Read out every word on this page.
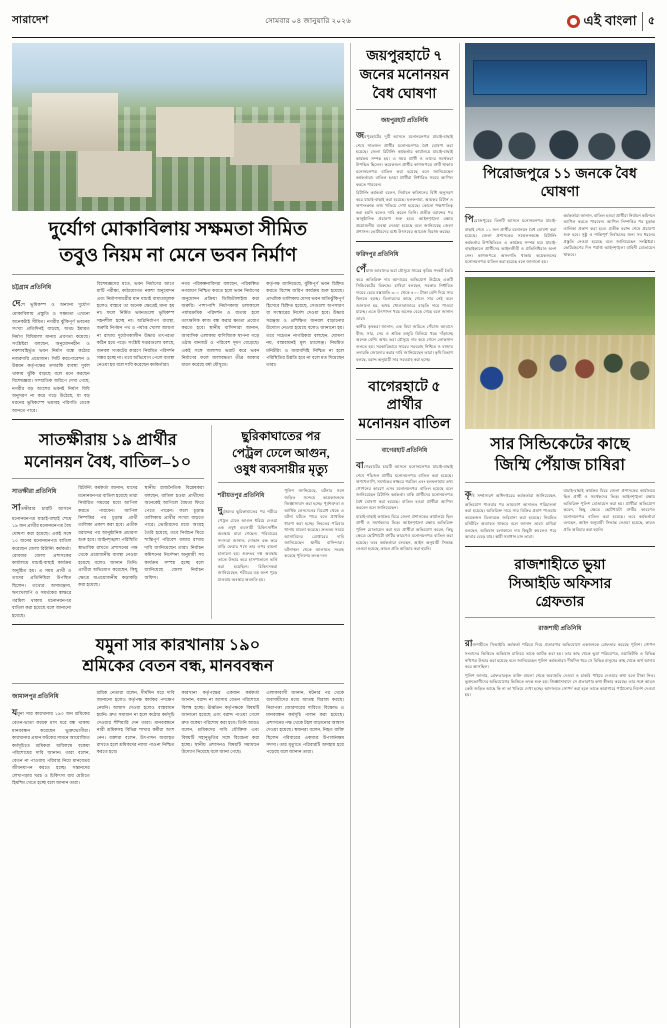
সারাদেশ	সোমবার ০৪ জানুয়ারি ২০২৬	এই বাংলা	৫
দুর্যোগ মোকাবিলায় সক্ষমতা সীমিত
তবুও নিয়ম না মেনে ভবন নির্মাণ
চট্টগ্রাম প্রতিনিধি
দেশে ভূমিকম্প ও অন্যান্য দুর্যোগ মোকাবিলায় প্রস্তুতি ও সক্ষমতা এখনো অনেকটাই সীমিত। নগরীর ঝুঁকিপূর্ণ ভবনের সংখ্যা প্রতিদিনই বাড়ছে, অথচ ইমারত নির্মাণ বিধিমালা মানার প্রবণতা কমেছে। সংশ্লিষ্টরা বলছেন, অনুমোদনহীন ও নকশাবহির্ভূত ভবন নির্মাণ বন্ধে কঠোর নজরদারি প্রয়োজন। সিটি করপোরেশন ও উন্নয়ন কর্তৃপক্ষের তদারকি ব্যবস্থা দুর্বল থাকায় ঝুঁকি বাড়ছে বলে মনে করছেন বিশেষজ্ঞরা। সাম্প্রতিক জরিপে দেখা গেছে, নগরীর বড় অংশের ভবনই নির্মাণ বিধি অনুসরণ না করে গড়ে উঠেছে, যা বড় ধরনের ভূমিকম্পে ভয়াবহ পরিণতি ডেকে আনতে পারে।
বিশেষজ্ঞদের মতে, ভবন নির্মাণের আগে মাটি পরীক্ষা, কাঠামোগত নকশা অনুমোদন এবং নির্মাণসামগ্রীর মান যাচাই বাধ্যতামূলক হলেও বাস্তবে তা অনেক ক্ষেত্রেই মানা হয় না। ফলে নির্মিত ভবনগুলো ভূমিকম্প সহনশীল হচ্ছে না। অগ্নিনির্বাপণ ব্যবস্থা, জরুরি নির্গমন পথ ও পর্যাপ্ত খোলা জায়গা না রাখায় দুর্যোগকালীন উদ্ধার তৎপরতা কঠিন হয়ে পড়ে। সংশ্লিষ্ট দপ্তরগুলো বলছে, জনবল সংকটের কারণে নিয়মিত পরিদর্শন সম্ভব হচ্ছে না। তবে অভিযোগ পেলে ব্যবস্থা নেওয়া হয় বলে দাবি করেছেন কর্মকর্তারা।
নগর পরিকল্পনাবিদরা বলছেন, পরিকল্পিত নগরায়ণ নিশ্চিত করতে হলে ভবন নির্মাণের অনুমোদন প্রক্রিয়া ডিজিটালাইজ করা জরুরি। পাশাপাশি নির্মাণকাজ চলাকালে পর্যায়ক্রমিক পরিদর্শন ও ব্যত্যয় হলে তাৎক্ষণিক কাজ বন্ধ করার ক্ষমতা প্রয়োগ করতে হবে। স্থানীয় বাসিন্দারা জানান, আবাসিক এলাকায় বাণিজ্যিক স্থাপনা গড়ে ওঠায় যানজট ও পরিবেশ দূষণ বেড়েছে। একই সঙ্গে জলাশয় ভরাট করে ভবন নির্মাণের ফলে জলাবদ্ধতা তীব্র আকার ধারণ করেছে বর্ষা মৌসুমে।
কর্তৃপক্ষ জানিয়েছে, ঝুঁকিপূর্ণ ভবন চিহ্নিত করতে বিশেষ জরিপ কার্যক্রম শুরু হয়েছে। প্রাথমিক তালিকায় যেসব ভবন অতিঝুঁকিপূর্ণ হিসেবে চিহ্নিত হয়েছে, সেগুলো অপসারণ বা সংস্কারের নির্দেশ দেওয়া হবে। উদ্ধার সরঞ্জাম ও প্রশিক্ষিত জনবল বাড়ানোর উদ্যোগ নেওয়া হয়েছে বলেও জানানো হয়। তবে সচেতন নাগরিকরা বলছেন, ঘোষণা নয়, বাস্তবায়নই মূল চ্যালেঞ্জ। নিয়মিত মনিটরিং ও জবাবদিহি নিশ্চিত না হলে পরিস্থিতির উন্নতি হবে না বলে মত দিয়েছেন তারা।
সাতক্ষীরায় ১৯ প্রার্থীর
মনোনয়ন বৈধ, বাতিল–১০
সাতক্ষীরা প্রতিনিধি
সাতক্ষীরার চারটি আসনে মনোনয়নপত্র যাচাই-বাছাই শেষে ১৯ জন প্রার্থীর মনোনয়নপত্র বৈধ ঘোষণা করা হয়েছে। একই সঙ্গে ১০ জনের মনোনয়নপত্র বাতিল করেছেন জেলা রিটার্নিং কর্মকর্তা। রোববার জেলা প্রশাসকের কার্যালয়ে যাচাই-বাছাই কার্যক্রম অনুষ্ঠিত হয়। এ সময় প্রার্থী ও তাদের প্রতিনিধিরা উপস্থিত ছিলেন। তথ্যের অসামঞ্জস্য, ঋণখেলাপি ও সমর্থকের স্বাক্ষরে গরমিল থাকায় মনোনয়নপত্র বাতিল করা হয়েছে বলে জানানো হয়েছে।
রিটার্নিং কর্মকর্তা জানান, যাদের মনোনয়নপত্র বাতিল হয়েছে তারা নির্ধারিত সময়ের মধ্যে আপিল করতে পারবেন। আপিল নিষ্পত্তির পর চূড়ান্ত প্রার্থী তালিকা প্রকাশ করা হবে। প্রতীক বরাদ্দের পর আনুষ্ঠানিক প্রচারণা শুরু হবে। আইনশৃঙ্খলা পরিস্থিতি স্বাভাবিক রাখতে প্রশাসনের পক্ষ থেকে প্রয়োজনীয় ব্যবস্থা নেওয়া হয়েছে বলেও জানান তিনি। প্রার্থীরা অভিযোগ করেছেন, কিছু ক্ষেত্রে অপ্রয়োজনীয় কড়াকড়ি করা হয়েছে।
স্থানীয় রাজনৈতিক বিশ্লেষকরা বলছেন, বাতিল হওয়া প্রার্থীদের অনেকেই আপিলে বৈধতা ফিরে পেতে পারেন। ফলে চূড়ান্ত তালিকায় প্রার্থীর সংখ্যা বাড়তে পারে। ভোটারদের মধ্যে আগ্রহ তৈরি হয়েছে, তবে নির্বাচন ঘিরে শান্তিপূর্ণ পরিবেশ বজায় রাখার দাবি জানিয়েছেন তারা। নির্বাচন কমিশনের নির্দেশনা অনুযায়ী সব কার্যক্রম সম্পন্ন হচ্ছে বলে জানিয়েছে জেলা নির্বাচন অফিস।
ছুরিকাঘাতের পর
পেট্রল ঢেলে আগুন,
ওষুধ ব্যবসায়ীর মৃত্যু
শরীয়তপুর প্রতিনিধি
দুর্বৃত্তদের ছুরিকাঘাতের পর শরীরে পেট্রল ঢেলে আগুন ধরিয়ে দেওয়া এক ওষুধ ব্যবসায়ী চিকিৎসাধীন অবস্থায় মারা গেছেন। পরিবারের সদস্যরা জানান, দোকান বন্ধ করে বাড়ি ফেরার পথে তার ওপর হামলা চালানো হয়। গুরুতর দগ্ধ অবস্থায় তাকে উদ্ধার করে হাসপাতালে ভর্তি করা হয়েছিল। চিকিৎসকরা জানিয়েছেন, শরীরের বড় অংশ পুড়ে যাওয়ায় অবস্থার অবনতি হয়।
পুলিশ জানিয়েছে, ঘটনার সঙ্গে জড়িত সন্দেহে কয়েকজনকে জিজ্ঞাসাবাদ করা হচ্ছে। পূর্বশত্রুতা ও আর্থিক লেনদেনের বিরোধ থেকে এ ঘটনা ঘটতে পারে বলে প্রাথমিক ধারণা করা হচ্ছে। নিহতের পরিবার থানায় মামলা করেছে। দ্রুততম সময়ে আসামিদের গ্রেপ্তারের দাবি জানিয়েছেন স্থানীয় বাসিন্দারা। ঘটনাস্থল থেকে আলামত সংগ্রহ করেছে পুলিশের তদন্ত দল।
যমুনা সার কারখানায় ১৯০
শ্রমিকের বেতন বন্ধ, মানববন্ধন
জামালপুর প্রতিনিধি
যমুনা সার কারখানার ১৯০ জন শ্রমিকের বেতন-ভাতা কয়েক মাস ধরে বন্ধ থাকায় মানববন্ধন করেছেন ভুক্তভোগীরা। কারখানার প্রধান ফটকের সামনে আয়োজিত কর্মসূচিতে শ্রমিকরা অবিলম্বে বকেয়া পরিশোধের দাবি জানান। তারা বলেন, বেতন না পাওয়ায় পরিবার নিয়ে মানবেতর জীবনযাপন করতে হচ্ছে। সন্তানদের লেখাপড়ার খরচ ও চিকিৎসা ব্যয় মেটাতে হিমশিম খেতে হচ্ছে বলে জানান তারা।
শ্রমিক নেতারা বলেন, দীর্ঘদিন ধরে দাবি জানানো হলেও কর্তৃপক্ষ কার্যকর পদক্ষেপ নেয়নি। আশ্বাস দেওয়া হলেও বাস্তবায়ন হয়নি। দ্রুত সমাধান না হলে কঠোর কর্মসূচি দেওয়ার হুঁশিয়ারি দেন তারা। মানববন্ধনে নারী শ্রমিকসহ বিভিন্ন শাখার কর্মীরা অংশ নেন। বক্তারা বলেন, উৎপাদন অব্যাহত রাখতে হলে শ্রমিকদের ন্যায্য পাওনা নিশ্চিত করতে হবে।
কারখানা কর্তৃপক্ষের একজন কর্মকর্তা জানান, বরাদ্দ না আসায় বেতন পরিশোধে বিলম্ব হচ্ছে। ঊর্ধ্বতন কর্তৃপক্ষকে বিষয়টি জানানো হয়েছে এবং বরাদ্দ পাওয়া গেলে দ্রুত বকেয়া পরিশোধ করা হবে। তিনি আরও বলেন, শ্রমিকদের দাবি যৌক্তিক এবং বিষয়টি সহানুভূতির সঙ্গে বিবেচনা করা হচ্ছে। স্থানীয় প্রশাসনও বিষয়টি সমাধানে উদ্যোগ নিয়েছে বলে জানা গেছে।
এলাকাবাসী জানান, ঘটনার পর থেকে ব্যবসায়ীদের মধ্যে আতঙ্ক বিরাজ করছে। নিরাপত্তা জোরদারের দাবিতে বিক্ষোভ ও মানববন্ধন কর্মসূচি পালন করা হয়েছে। প্রশাসনের পক্ষ থেকে টহল বাড়ানোর আশ্বাস দেওয়া হয়েছে। স্বজনরা বলেন, নিহত ব্যক্তি ছিলেন পরিবারের একমাত্র উপার্জনক্ষম সদস্য। তার মৃত্যুতে পরিবারটি অসহায় হয়ে পড়েছে বলে জানান তারা।
জয়পুরহাটে ৭
জনের মনোনয়ন
বৈধ ঘোষণা
জয়পুরহাট প্রতিনিধি
জয়পুরহাটের দুটি আসনে মনোনয়নপত্র যাচাই-বাছাই শেষে সাতজন প্রার্থীর মনোনয়নপত্র বৈধ ঘোষণা করা হয়েছে। জেলা রিটার্নিং কর্মকর্তার কার্যালয়ে যাচাই-বাছাই কার্যক্রম সম্পন্ন হয়। এ সময় প্রার্থী ও তাদের সমর্থকরা উপস্থিত ছিলেন। কয়েকজন প্রার্থীর কাগজপত্রে ত্রুটি থাকায় মনোনয়নপত্র বাতিল করা হয়েছে বলে জানিয়েছেন কর্মকর্তারা। বাতিল হওয়া প্রার্থীরা নির্ধারিত সময়ে আপিল করতে পারবেন।
রিটার্নিং কর্মকর্তা বলেন, নির্বাচন কমিশনের বিধি অনুসরণ করে যাচাই-বাছাই করা হয়েছে। হলফনামা, আয়কর রিটার্ন ও ঋণসংক্রান্ত তথ্য খতিয়ে দেখা হয়েছে। কোনো পক্ষপাতিত্ব করা হয়নি বলেও দাবি করেন তিনি। প্রতীক বরাদ্দের পর আনুষ্ঠানিক প্রচারণা শুরু হবে। আইনশৃঙ্খলা রক্ষায় প্রয়োজনীয় ব্যবস্থা নেওয়া হয়েছে বলে জানিয়েছে জেলা প্রশাসন। ভোটারদের মধ্যে উৎসবের আমেজ বিরাজ করছে।
ফরিদপুর প্রতিনিধি
পেঁয়াজ আবাদের ভরা মৌসুমে সারের কৃত্রিম সংকট তৈরি করে অতিরিক্ত দাম আদায়ের অভিযোগ উঠেছে একটি সিন্ডিকেটের বিরুদ্ধে। চাষিরা বলছেন, সরকার নির্ধারিত দামের চেয়ে বস্তাপ্রতি ৩০০ থেকে ৫০০ টাকা বেশি দিয়ে সার কিনতে হচ্ছে। ডিলারদের কাছে গেলে সার নেই বলে জানানো হয়, অথচ খোলাবাজারে বাড়তি দামে পাওয়া যাচ্ছে। এতে উৎপাদন খরচ অনেক বেড়ে গেছে বলে জানান তারা।
স্থানীয় কৃষকরা জানান, এক বিঘা জমিতে পেঁয়াজ আবাদে বীজ, সার, সেচ ও শ্রমিক মজুরি মিলিয়ে খরচ দাঁড়াচ্ছে অনেক বেশি। অথচ ভরা মৌসুমে দাম কমে গেলে লোকসান গুনতে হয়। সরকারিভাবে সারের সরবরাহ নিশ্চিত ও বাজার তদারকি জোরদার করার দাবি জানিয়েছেন তারা। কৃষি বিভাগ বলছে, বরাদ্দ অনুযায়ী সার সরবরাহ করা হচ্ছে।
বাগেরহাটে ৫ প্রার্থীর
মনোনয়ন বাতিল
বাগেরহাট প্রতিনিধি
বাগেরহাটের চারটি আসনে মনোনয়নপত্র যাচাই-বাছাই শেষে পাঁচজন প্রার্থীর মনোনয়নপত্র বাতিল করা হয়েছে। ঋণখেলাপি, সমর্থকের স্বাক্ষরে গরমিল এবং হলফনামায় তথ্য গোপনের কারণে এসব মনোনয়নপত্র বাতিল হয়েছে বলে জানিয়েছেন রিটার্নিং কর্মকর্তা। বাকি প্রার্থীদের মনোনয়নপত্র বৈধ ঘোষণা করা হয়েছে। বাতিল হওয়া প্রার্থীরা আপিল করবেন বলে জানিয়েছেন।
যাচাই-বাছাই কার্যক্রম ঘিরে জেলা প্রশাসকের কার্যালয়ে ছিল প্রার্থী ও সমর্থকদের ভিড়। আইনশৃঙ্খলা রক্ষায় অতিরিক্ত পুলিশ মোতায়েন করা হয়। প্রার্থীরা অভিযোগ করেন, কিছু ক্ষেত্রে ছোটখাটো ত্রুটির কারণেও মনোনয়নপত্র বাতিল করা হয়েছে। তবে কর্মকর্তারা বলছেন, আইন অনুযায়ী সিদ্ধান্ত নেওয়া হয়েছে, কারও প্রতি অবিচার করা হয়নি।
পিরোজপুরে ১১ জনকে বৈধ ঘোষণা
পিরোজপুরের তিনটি আসনে মনোনয়নপত্র যাচাই-বাছাই শেষে ১১ জন প্রার্থীর মনোনয়ন বৈধ ঘোষণা করা হয়েছে। জেলা প্রশাসকের সম্মেলনকক্ষে রিটার্নিং কর্মকর্তার উপস্থিতিতে এ কার্যক্রম সম্পন্ন হয়। যাচাই-বাছাইকালে প্রার্থীদের আইনজীবী ও প্রতিনিধিরাও অংশ নেন। কাগজপত্রে অসংগতি থাকায় কয়েকজনের মনোনয়নপত্র বাতিল করা হয়েছে বলে জানানো হয়।
কর্মকর্তারা জানান, বাতিল হওয়া প্রার্থীরা নির্বাচন কমিশনে আপিল করতে পারবেন। আপিল নিষ্পত্তির পর চূড়ান্ত তালিকা প্রকাশ করা হবে। প্রতীক বরাদ্দ শেষে প্রচারণা শুরু হবে। সুষ্ঠু ও শান্তিপূর্ণ নির্বাচনের জন্য সব ধরনের প্রস্তুতি নেওয়া হয়েছে বলে জানিয়েছেন সংশ্লিষ্টরা। ভোটগ্রহণের দিন পর্যাপ্ত আইনশৃঙ্খলা বাহিনী মোতায়েন থাকবে।
সার সিন্ডিকেটের কাছে
জিম্মি পেঁয়াজ চাষিরা
কৃষি সম্প্রসারণ অধিদপ্তরের কর্মকর্তারা জানিয়েছেন, অভিযোগ পাওয়ার পর ভ্রাম্যমাণ আদালত পরিচালনা করা হয়েছে। অতিরিক্ত দামে সার বিক্রির প্রমাণ পাওয়ায় কয়েকজন ডিলারকে জরিমানা করা হয়েছে। নিয়মিত মনিটরিং অব্যাহত থাকবে বলে জানান তারা। চাষিরা বলছেন, অভিযান চলাকালে দাম কিছুটা কমলেও পরে আবার বেড়ে যায়। স্থায়ী সমাধান চান তারা।
যাচাই-বাছাই কার্যক্রম ঘিরে জেলা প্রশাসকের কার্যালয়ে ছিল প্রার্থী ও সমর্থকদের ভিড়। আইনশৃঙ্খলা রক্ষায় অতিরিক্ত পুলিশ মোতায়েন করা হয়। প্রার্থীরা অভিযোগ করেন, কিছু ক্ষেত্রে ছোটখাটো ত্রুটির কারণেও মনোনয়নপত্র বাতিল করা হয়েছে। তবে কর্মকর্তারা বলছেন, আইন অনুযায়ী সিদ্ধান্ত নেওয়া হয়েছে, কারও প্রতি অবিচার করা হয়নি।
রাজশাহীতে ভুয়া
সিআইডি অফিসার
গ্রেফতার
রাজশাহী প্রতিনিধি
রাজশাহীতে সিআইডি কর্মকর্তা পরিচয় দিয়ে প্রতারণার অভিযোগে একজনকে গ্রেফতার করেছে পুলিশ। গোপন সংবাদের ভিত্তিতে অভিযান চালিয়ে তাকে আটক করা হয়। তার কাছ থেকে ভুয়া পরিচয়পত্র, ওয়াকিটকি ও বিভিন্ন নথিপত্র উদ্ধার করা হয়েছে বলে জানিয়েছেন পুলিশ কর্মকর্তারা। দীর্ঘদিন ধরে সে বিভিন্ন মানুষের কাছ থেকে অর্থ আদায় করে আসছিল।
পুলিশ জানায়, গ্রেফতারকৃত ব্যক্তি মামলা থেকে অব্যাহতি দেওয়া ও চাকরি পাইয়ে দেওয়ার কথা বলে টাকা নিত। ভুক্তভোগীদের অভিযোগের ভিত্তিতে তদন্ত শুরু হয়। জিজ্ঞাসাবাদে সে প্রতারণার কথা স্বীকার করেছে। তার সঙ্গে আরও কেউ জড়িত আছে কি না তা খতিয়ে দেখা হচ্ছে। আদালতে সোপর্দ করা হলে তাকে কারাগারে পাঠানোর নির্দেশ দেওয়া হয়।
